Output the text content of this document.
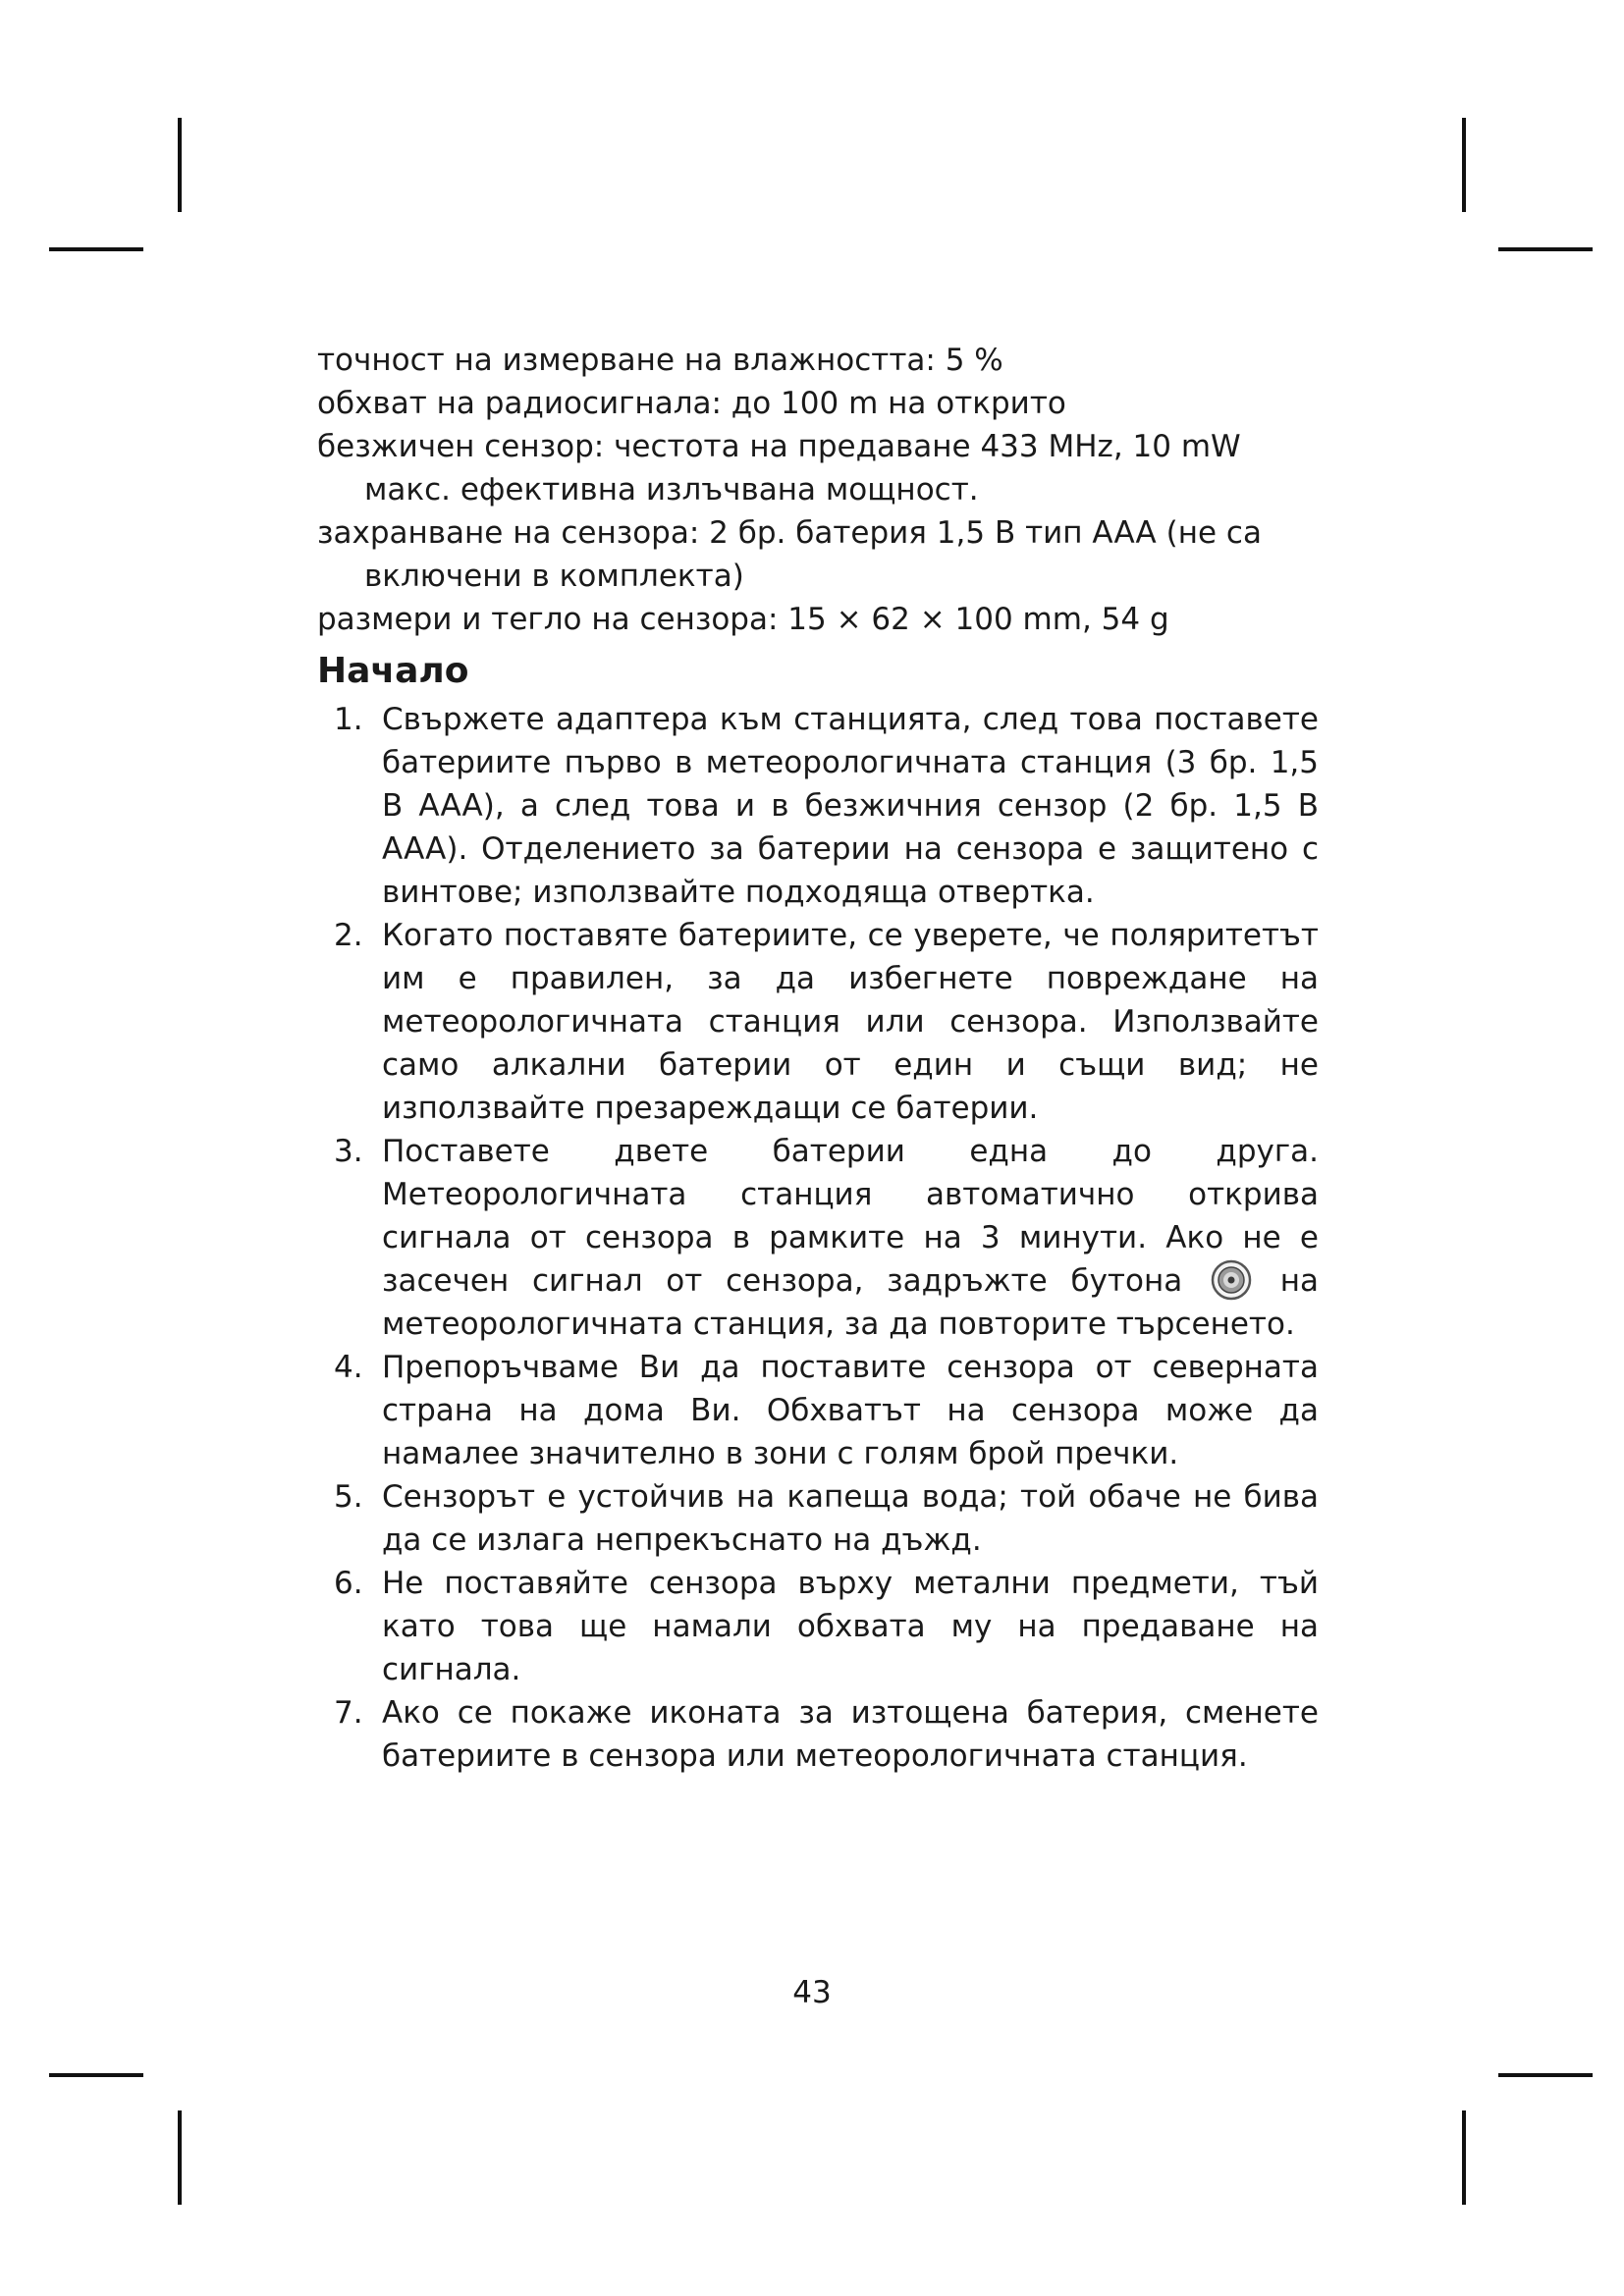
точност на измерване на влажността: 5 %

обхват на радиосигнала: до 100 m на открито

безжичен сензор: честота на предаване 433 MHz, 10 mW макс. ефективна излъчвана мощност.

захранване на сензора: 2 бр. батерия 1,5 В тип AAA (не са включени в комплекта)

размери и тегло на сензора: 15 × 62 × 100 mm, 54 g

Начало
1. Свържете адаптера към станцията, след това поставете батериите първо в метеорологичната станция (3 бр. 1,5 В AAA), а след това и в безжичния сензор (2 бр. 1,5 В AAA). Отделението за батерии на сензора е защитено с винтове; използвайте подходяща отвертка.
2. Когато поставяте батериите, се уверете, че поляритетът им е правилен, за да избегнете повреждане на метеорологичната станция или сензора. Използвайте само алкални батерии от един и същи вид; не използвайте презареждащи се батерии.
3. Поставете двете батерии една до друга. Метеорологичната станция автоматично открива сигнала от сензора в рамките на 3 минути. Ако не е засечен сигнал от сензора, задръжте бутона	на метеорологичната станция, за да повторите търсенето.
4. Препоръчваме Ви да поставите сензора от северната страна на дома Ви. Обхватът на сензора може да намалее значително в зони с голям брой пречки.
5. Сензорът е устойчив на капеща вода; той обаче не бива да се излага непрекъснато на дъжд.
6. Не поставяйте сензора върху метални предмети, тъй като това ще намали обхвата му на предаване на сигнала.
7. Ако се покаже иконата за изтощена батерия, сменете батериите в сензора или метеорологичната станция.
43
